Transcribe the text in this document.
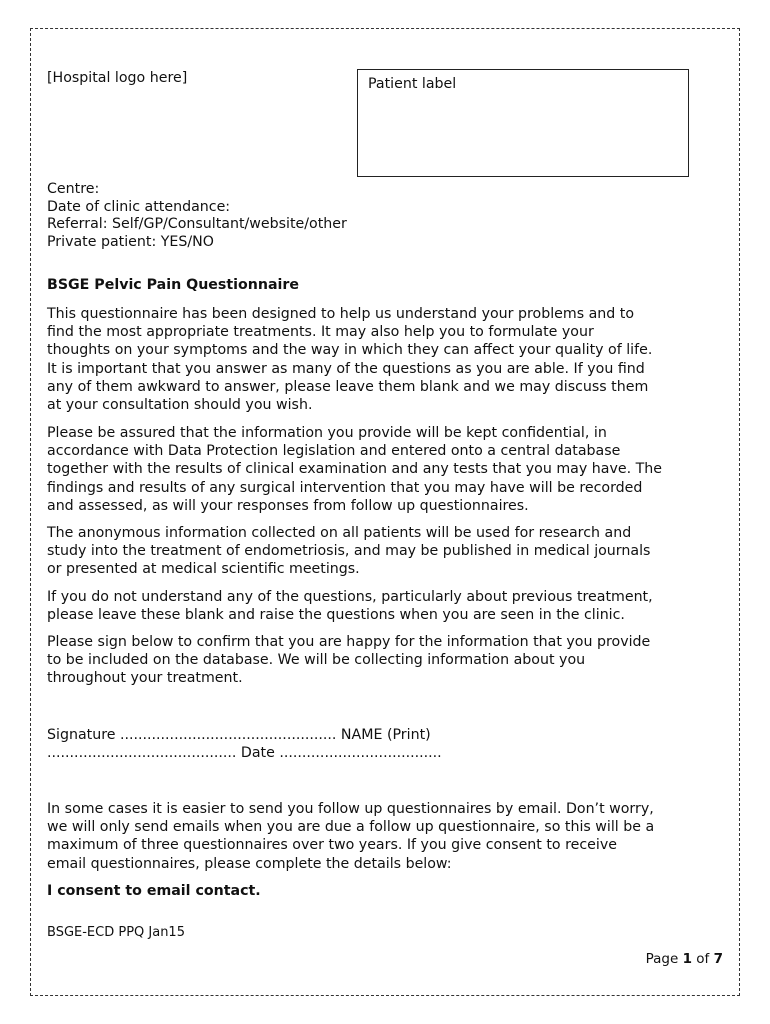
[Hospital logo here]	Patient label
Centre:
Date of clinic attendance:
Referral: Self/GP/Consultant/website/other
Private patient: YES/NO
BSGE Pelvic Pain Questionnaire
This questionnaire has been designed to help us understand your problems and to
find the most appropriate treatments. It may also help you to formulate your
thoughts on your symptoms and the way in which they can affect your quality of life.
It is important that you answer as many of the questions as you are able. If you find
any of them awkward to answer, please leave them blank and we may discuss them
at your consultation should you wish.
Please be assured that the information you provide will be kept confidential, in
accordance with Data Protection legislation and entered onto a central database
together with the results of clinical examination and any tests that you may have. The
findings and results of any surgical intervention that you may have will be recorded
and assessed, as will your responses from follow up questionnaires.
The anonymous information collected on all patients will be used for research and
study into the treatment of endometriosis, and may be published in medical journals
or presented at medical scientific meetings.
If you do not understand any of the questions, particularly about previous treatment,
please leave these blank and raise the questions when you are seen in the clinic.
Please sign below to confirm that you are happy for the information that you provide
to be included on the database. We will be collecting information about you
throughout your treatment.
Signature ................................................ NAME (Print)
.......................................... Date ....................................
In some cases it is easier to send you follow up questionnaires by email. Don’t worry,
we will only send emails when you are due a follow up questionnaire, so this will be a
maximum of three questionnaires over two years. If you give consent to receive
email questionnaires, please complete the details below:
I consent to email contact.
BSGE-ECD PPQ Jan15
Page 1 of 7
